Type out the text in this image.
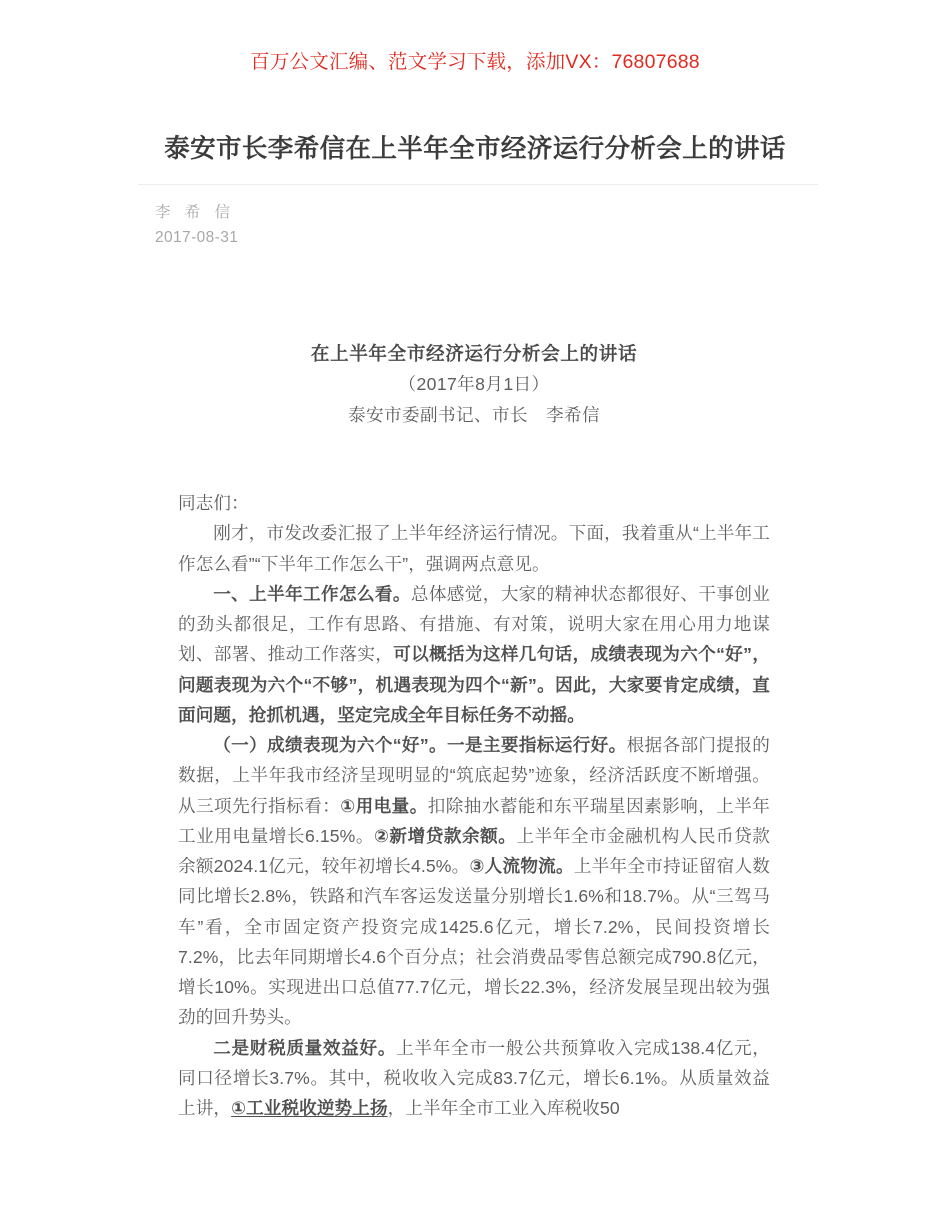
百万公文汇编、范文学习下载，添加VX：76807688
泰安市长李希信在上半年全市经济运行分析会上的讲话
李 希 信
2017-08-31
在上半年全市经济运行分析会上的讲话
（2017年8月1日）
泰安市委副书记、市长　李希信

同志们：

刚才，市发改委汇报了上半年经济运行情况。下面，我着重从“上半年工作怎么看”“下半年工作怎么干”，强调两点意见。

一、上半年工作怎么看。总体感觉，大家的精神状态都很好、干事创业的劲头都很足，工作有思路、有措施、有对策，说明大家在用心用力地谋划、部署、推动工作落实，可以概括为这样几句话，成绩表现为六个“好”，问题表现为六个“不够”，机遇表现为四个“新”。因此，大家要肯定成绩，直面问题，抢抓机遇，坚定完成全年目标任务不动摇。

（一）成绩表现为六个“好”。一是主要指标运行好。根据各部门提报的数据，上半年我市经济呈现明显的“筑底起势”迹象，经济活跃度不断增强。从三项先行指标看：①用电量。扣除抽水蓄能和东平瑞星因素影响，上半年工业用电量增长6.15%。②新增贷款余额。上半年全市金融机构人民币贷款余额2024.1亿元，较年初增长4.5%。③人流物流。上半年全市持证留宿人数同比增长2.8%，铁路和汽车客运发送量分别增长1.6%和18.7%。从“三驾马车”看，全市固定资产投资完成1425.6亿元，增长7.2%，民间投资增长7.2%，比去年同期增长4.6个百分点；社会消费品零售总额完成790.8亿元，增长10%。实现进出口总值77.7亿元，增长22.3%，经济发展呈现出较为强劲的回升势头。

二是财税质量效益好。上半年全市一般公共预算收入完成138.4亿元，同口径增长3.7%。其中，税收收入完成83.7亿元，增长6.1%。从质量效益上讲，①工业税收逆势上扬，上半年全市工业入库税收50
